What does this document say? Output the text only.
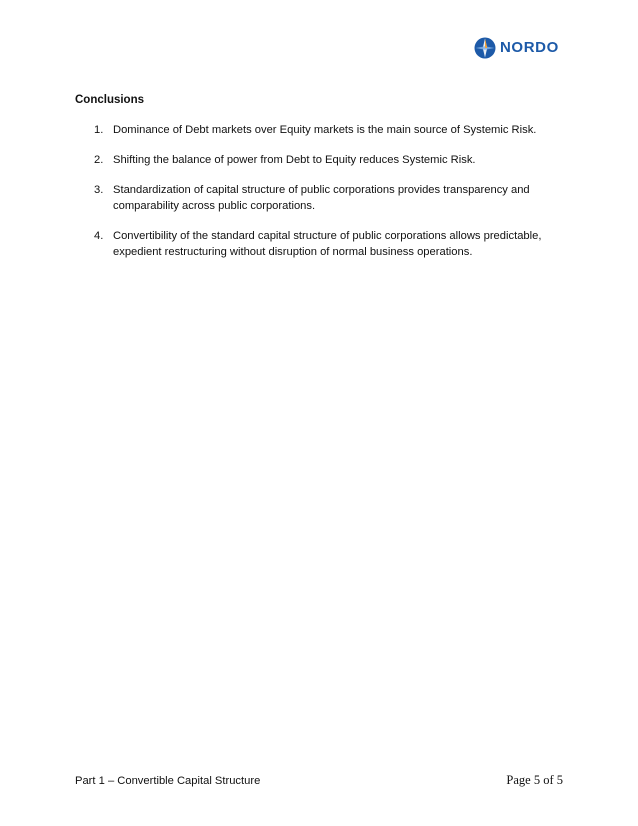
NORDO
Conclusions
1. Dominance of Debt markets over Equity markets is the main source of Systemic Risk.
2. Shifting the balance of power from Debt to Equity reduces Systemic Risk.
3. Standardization of capital structure of public corporations provides transparency and comparability across public corporations.
4. Convertibility of the standard capital structure of public corporations allows predictable, expedient restructuring without disruption of normal business operations.
Part 1 – Convertible Capital Structure	Page 5 of 5
